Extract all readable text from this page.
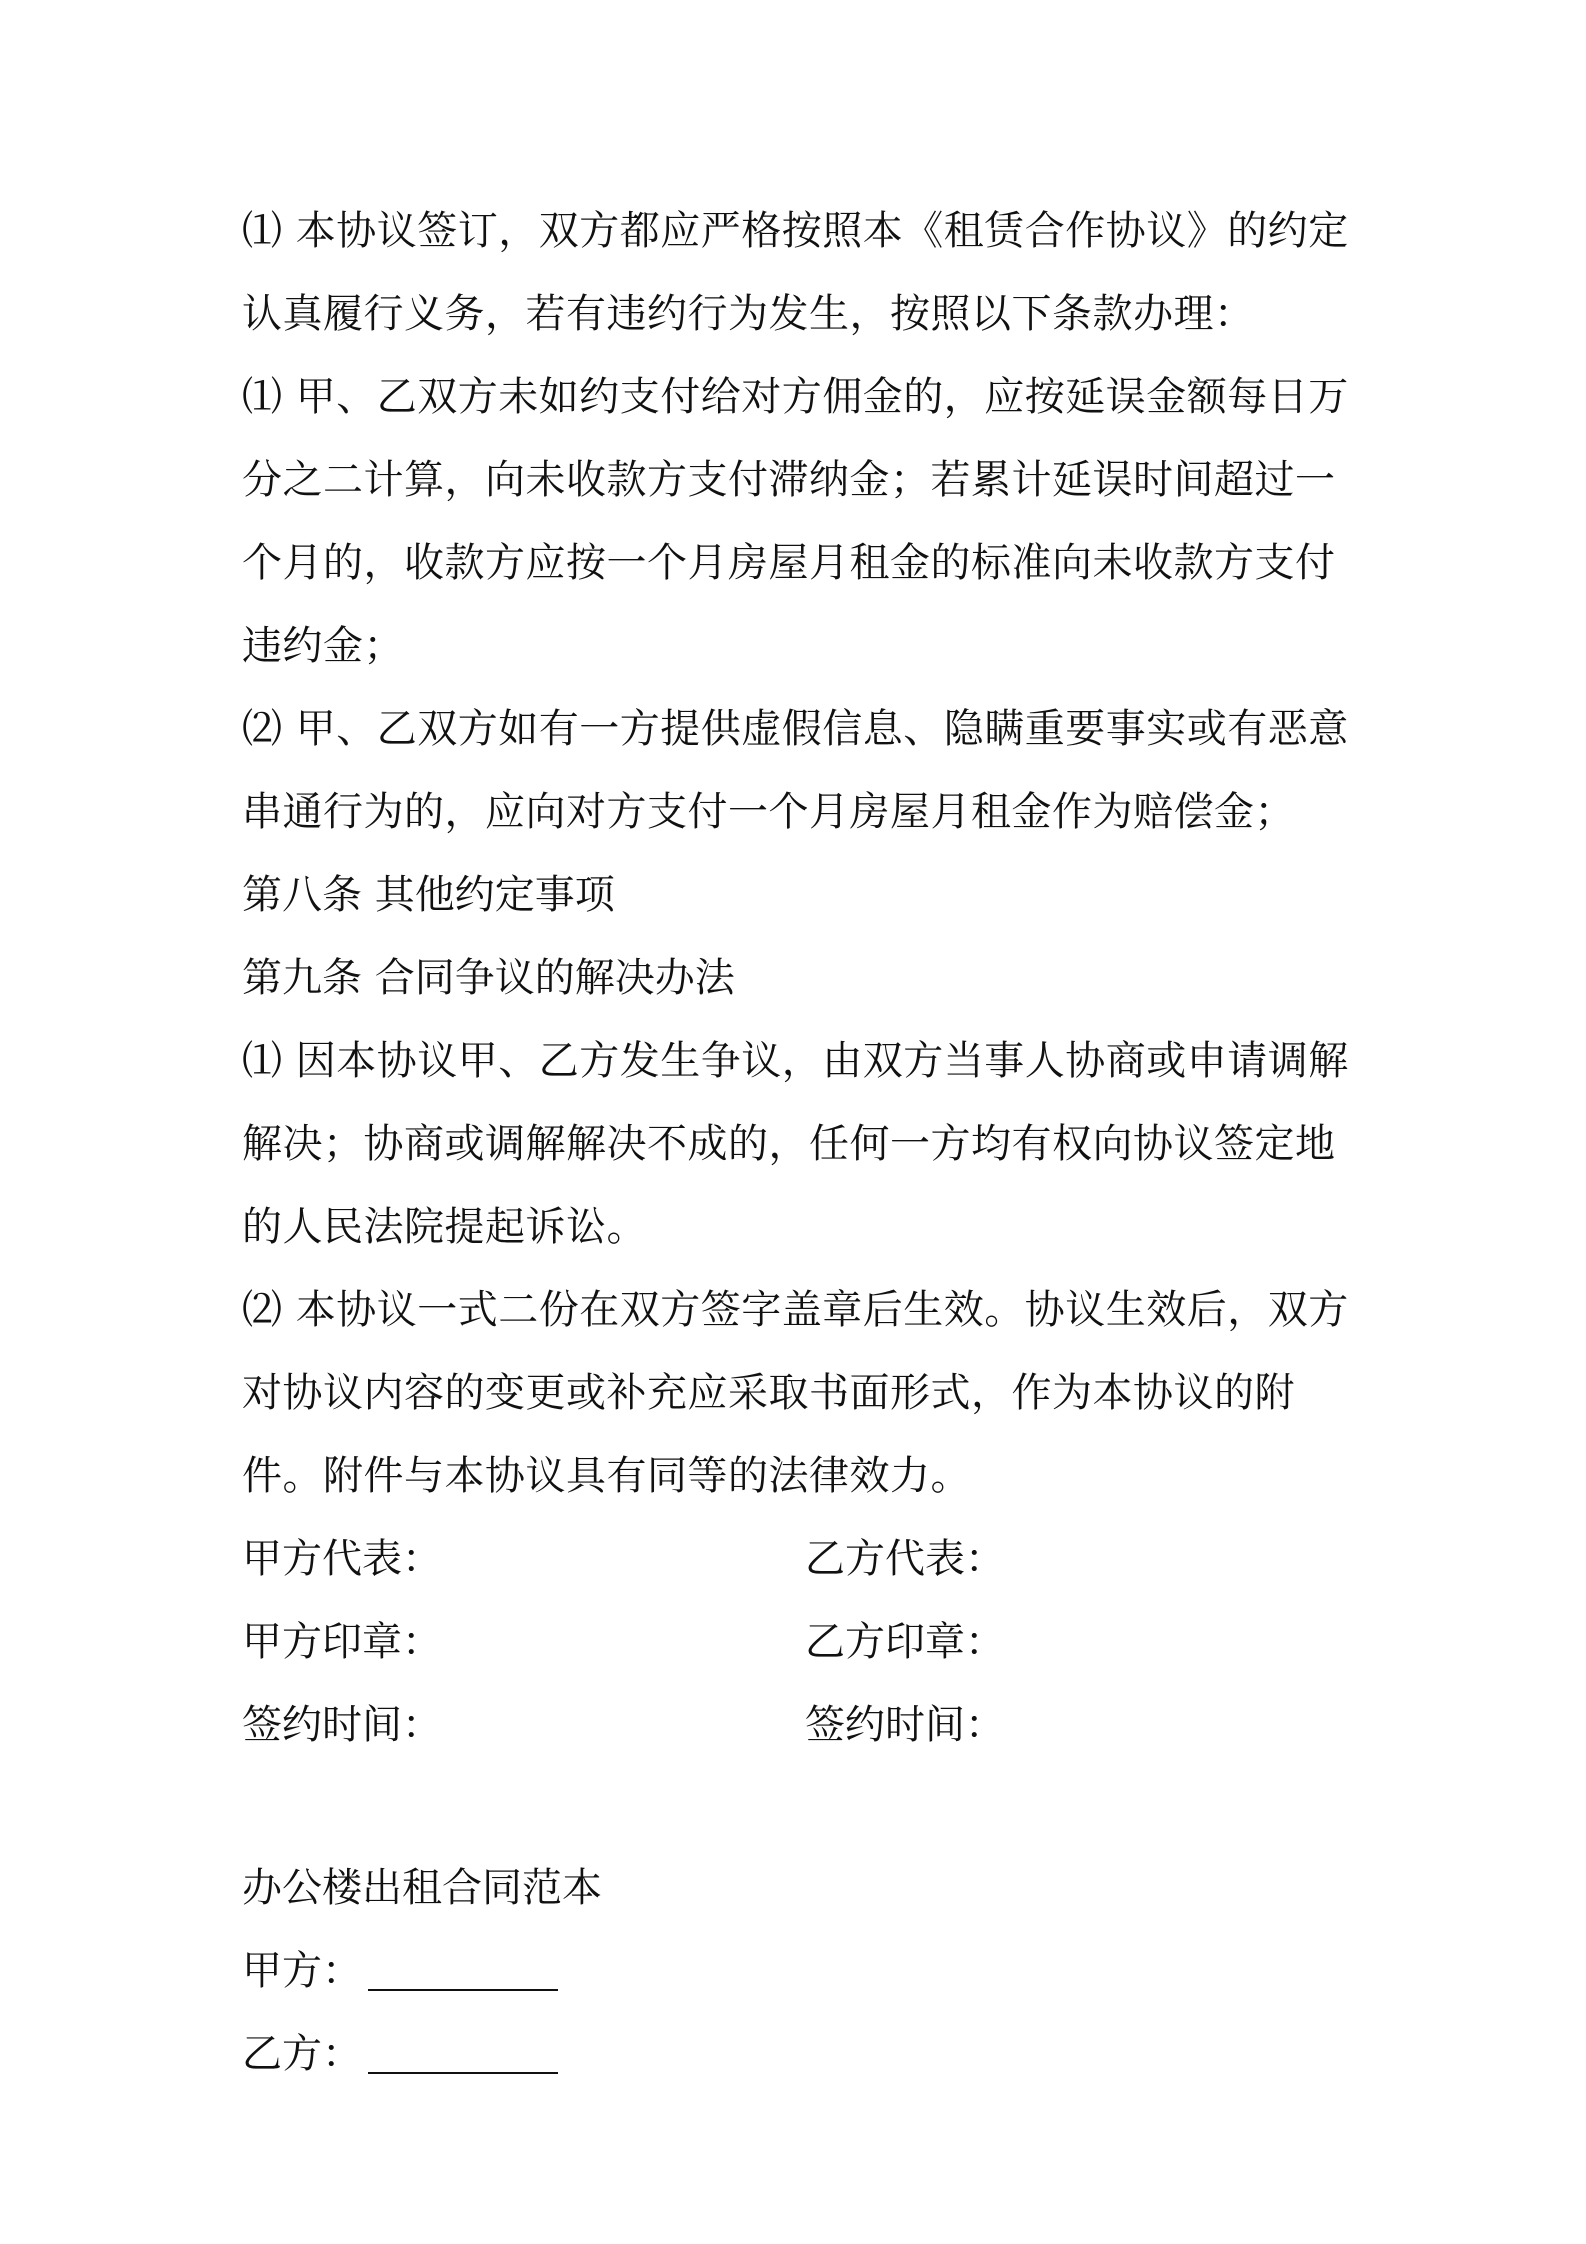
⑴ 本协议签订，双方都应严格按照本《租赁合作协议》的约定认真履行义务，若有违约行为发生，按照以下条款办理：

⑴ 甲、乙双方未如约支付给对方佣金的，应按延误金额每日万分之二计算，向未收款方支付滞纳金；若累计延误时间超过一个月的，收款方应按一个月房屋月租金的标准向未收款方支付违约金；

⑵ 甲、乙双方如有一方提供虚假信息、隐瞒重要事实或有恶意串通行为的，应向对方支付一个月房屋月租金作为赔偿金；

第八条 其他约定事项

第九条 合同争议的解决办法

⑴ 因本协议甲、乙方发生争议，由双方当事人协商或申请调解解决；协商或调解解决不成的，任何一方均有权向协议签定地的人民法院提起诉讼。

⑵ 本协议一式二份在双方签字盖章后生效。协议生效后，双方对协议内容的变更或补充应采取书面形式，作为本协议的附件。附件与本协议具有同等的法律效力。

甲方代表：	乙方代表：
甲方印章：	乙方印章：
签约时间：	签约时间：

办公楼出租合同范本

甲方：
乙方：
